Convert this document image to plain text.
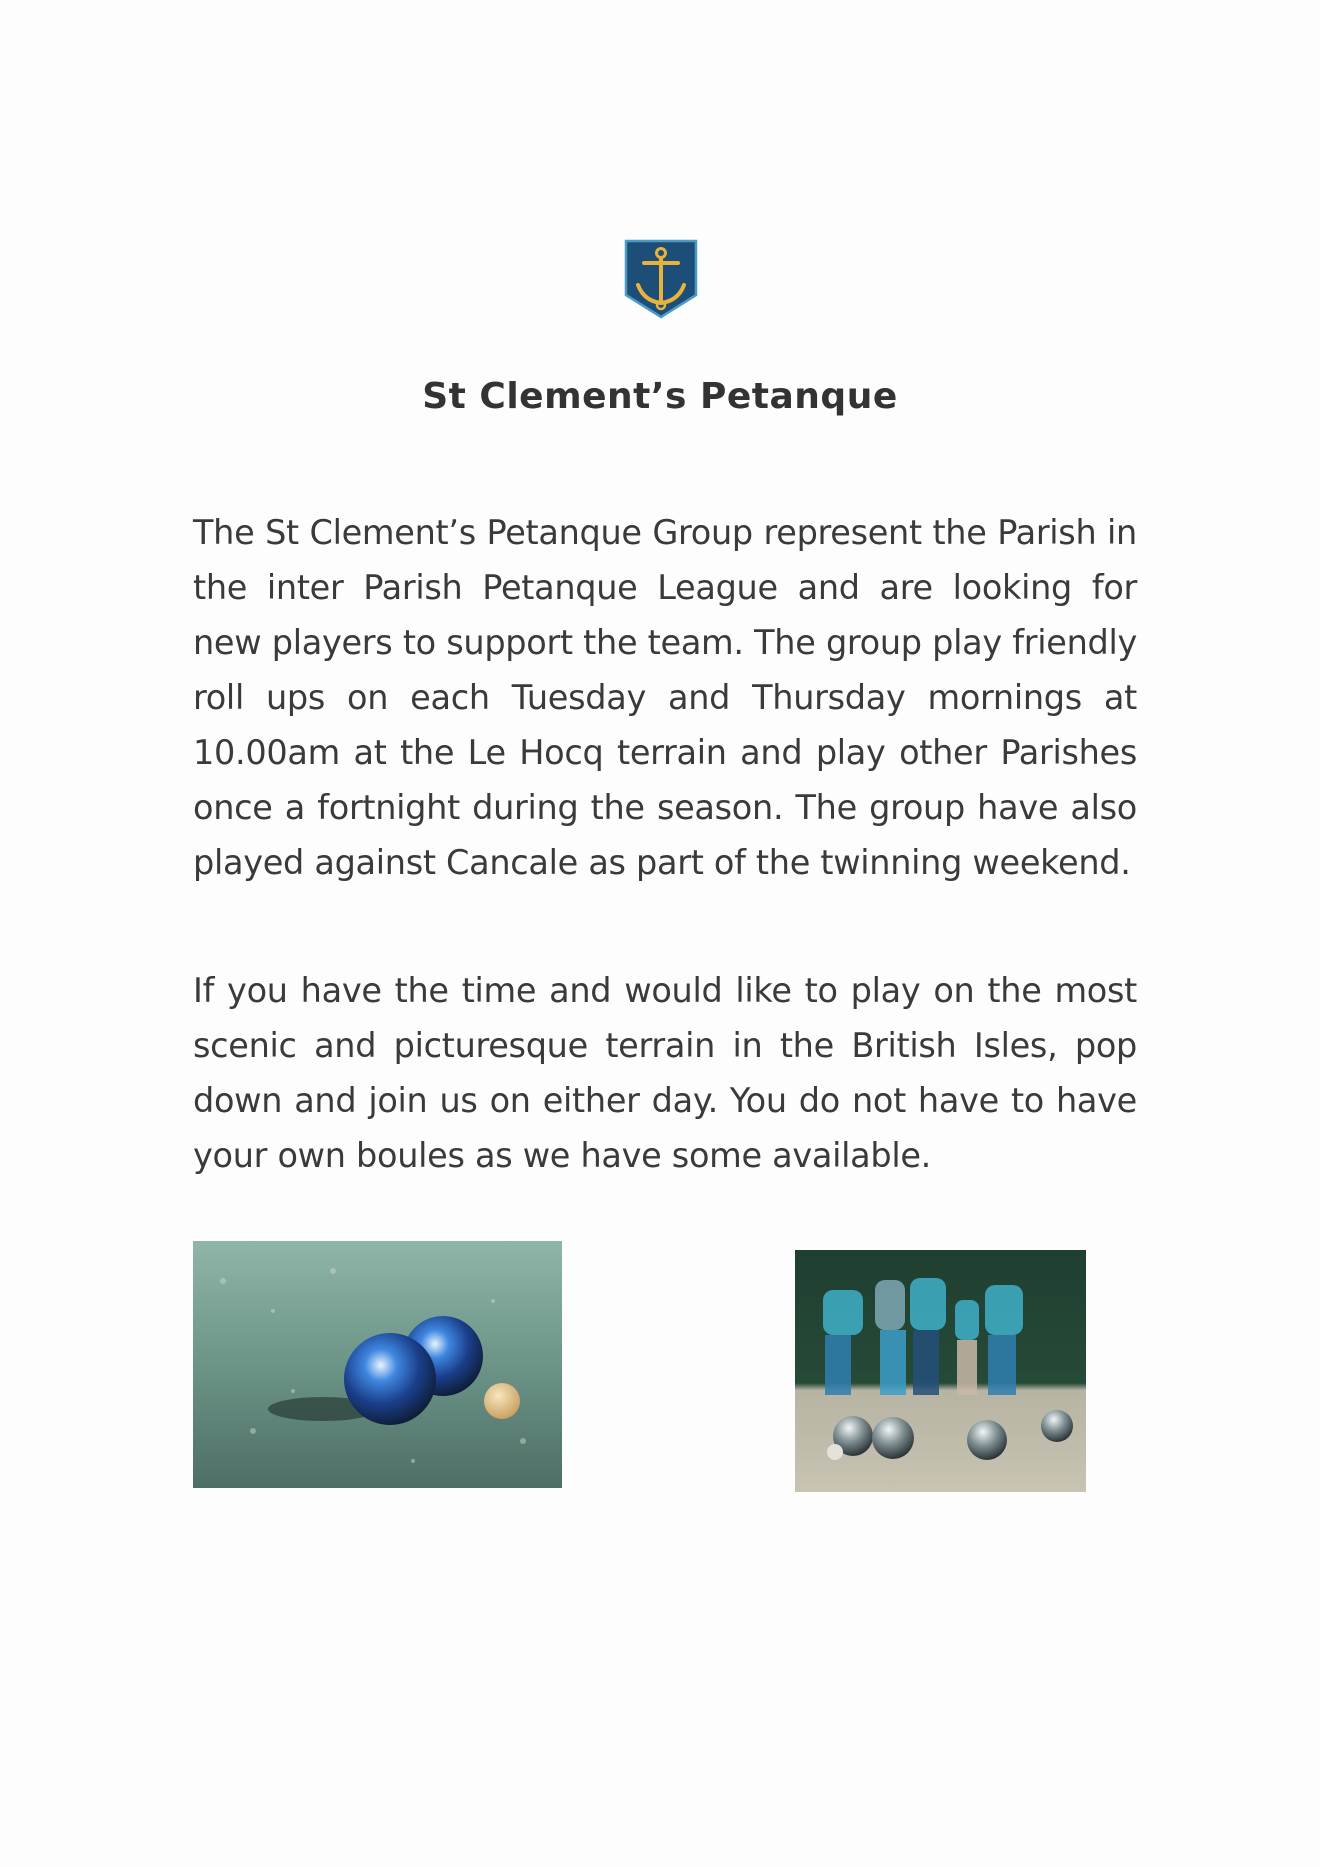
St Clement’s Petanque

The St Clement’s Petanque Group represent the Parish in the inter Parish Petanque League and are looking for new players to support the team. The group play friendly roll ups on each Tuesday and Thursday mornings at 10.00am at the Le Hocq terrain and play other Parishes once a fortnight during the season. The group have also played against Cancale as part of the twinning weekend.

If you have the time and would like to play on the most scenic and picturesque terrain in the British Isles, pop down and join us on either day. You do not have to have your own boules as we have some available.
